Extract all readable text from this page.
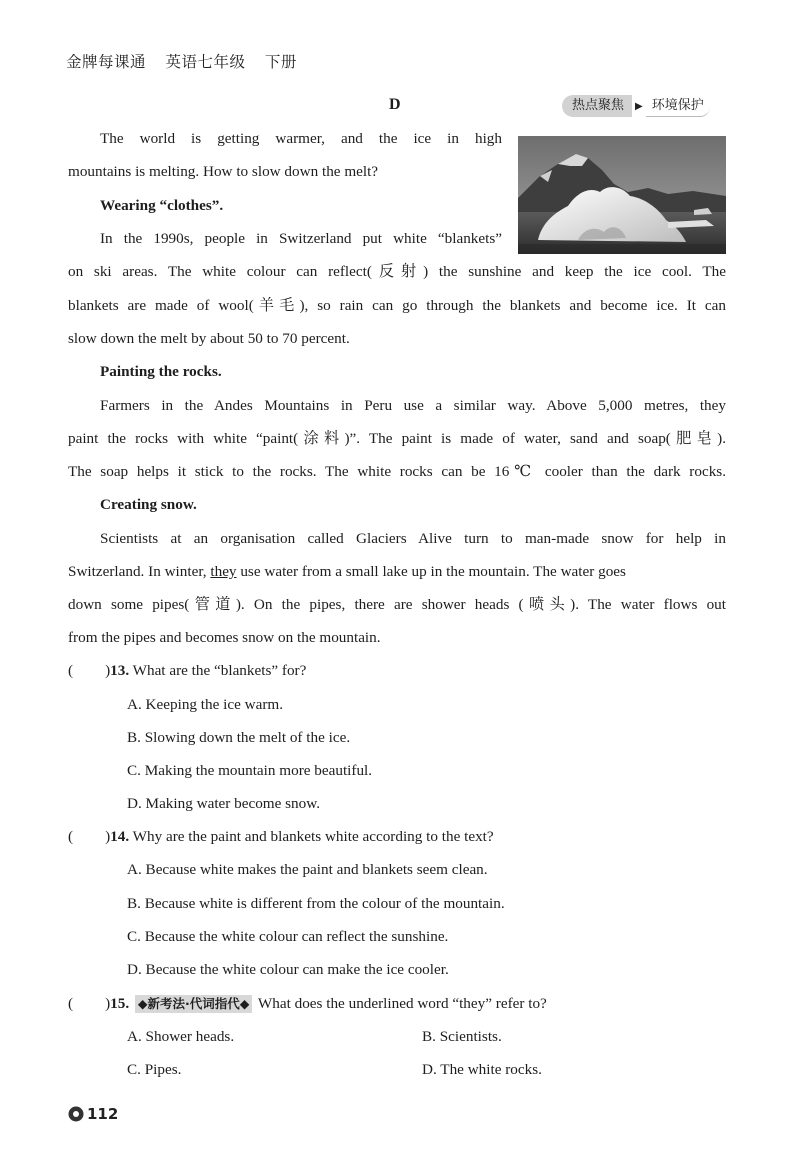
金牌每课通 英语七年级 下册
D	热点聚焦	▶ 环境保护
The world is getting warmer, and the ice in high
mountains is melting. How to slow down the melt?
Wearing “clothes”.
In the 1990s, people in Switzerland put white “blankets”
on ski areas. The white colour can reflect(反射) the sunshine and keep the ice cool. The
blankets are made of wool(羊毛), so rain can go through the blankets and become ice. It can
slow down the melt by about 50 to 70 percent.
Painting the rocks.
Farmers in the Andes Mountains in Peru use a similar way. Above 5,000 metres, they
paint the rocks with white “paint(涂料)”. The paint is made of water, sand and soap(肥皂).
The soap helps it stick to the rocks. The white rocks can be 16℃ cooler than the dark rocks.
Creating snow.
Scientists at an organisation called Glaciers Alive turn to man-made snow for help in
Switzerland. In winter, they use water from a small lake up in the mountain. The water goes
down some pipes(管道). On the pipes, there are shower heads (喷头). The water flows out
from the pipes and becomes snow on the mountain.
( )13. What are the “blankets” for?
A. Keeping the ice warm.
B. Slowing down the melt of the ice.
C. Making the mountain more beautiful.
D. Making water become snow.
( )14. Why are the paint and blankets white according to the text?
A. Because white makes the paint and blankets seem clean.
B. Because white is different from the colour of the mountain.
C. Because the white colour can reflect the sunshine.
D. Because the white colour can make the ice cooler.
( )15. ◆新考法·代词指代◆ What does the underlined word “they” refer to?
A. Shower heads.	B. Scientists.
C. Pipes.	D. The white rocks.
112
